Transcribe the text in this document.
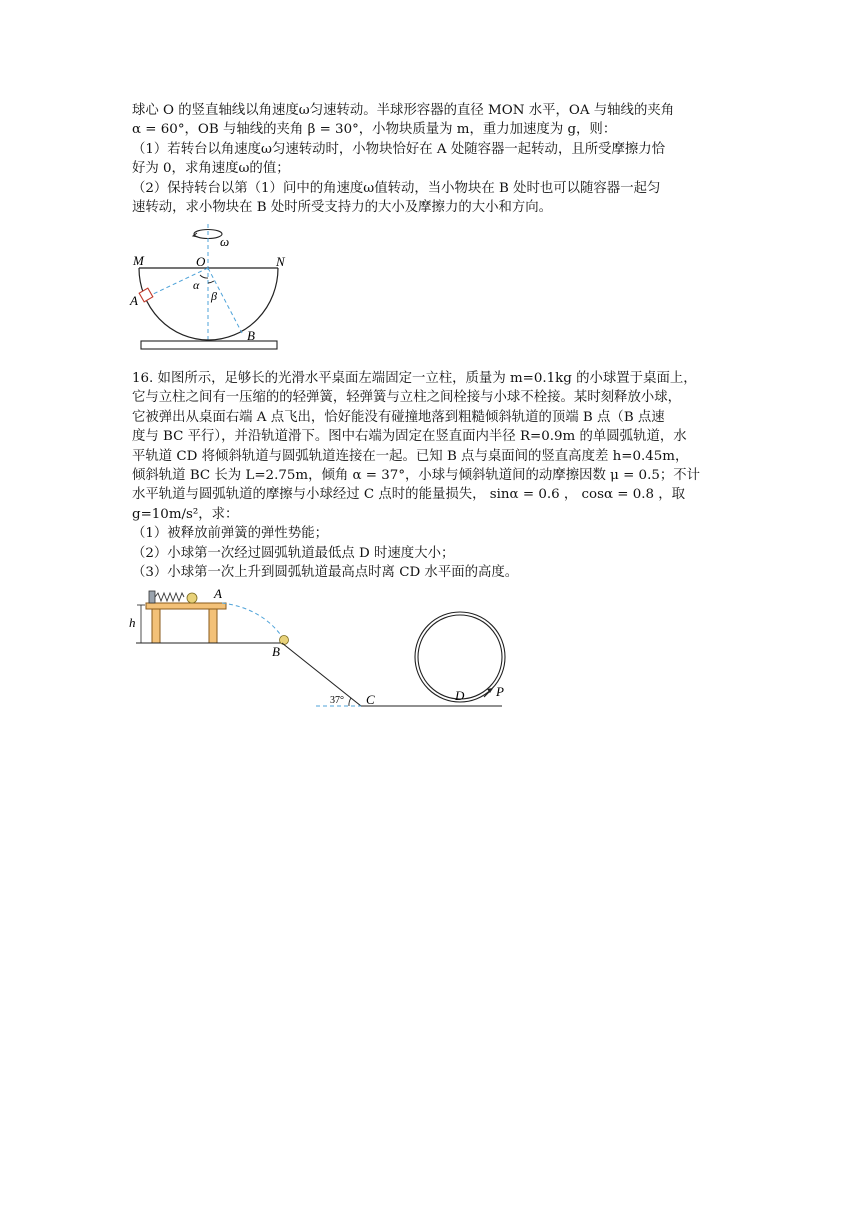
球心 O 的竖直轴线以角速度ω匀速转动。半球形容器的直径 MON 水平，OA 与轴线的夹角
α = 60°，OB 与轴线的夹角 β = 30°，小物块质量为 m，重力加速度为 g，则：
（1）若转台以角速度ω匀速转动时，小物块恰好在 A 处随容器一起转动，且所受摩擦力恰
好为 0，求角速度ω的值；
（2）保持转台以第（1）问中的角速度ω值转动，当小物块在 B 处时也可以随容器一起匀
速转动，求小物块在 B 处时所受支持力的大小及摩擦力的大小和方向。
ω
M	O	N
A
α
β
B
16. 如图所示，足够长的光滑水平桌面左端固定一立柱，质量为 m=0.1kg 的小球置于桌面上，
它与立柱之间有一压缩的的轻弹簧，轻弹簧与立柱之间栓接与小球不栓接。某时刻释放小球，
它被弹出从桌面右端 A 点飞出，恰好能没有碰撞地落到粗糙倾斜轨道的顶端 B 点（B 点速
度与 BC 平行），并沿轨道滑下。图中右端为固定在竖直面内半径 R=0.9m 的单圆弧轨道，水
平轨道 CD 将倾斜轨道与圆弧轨道连接在一起。已知 B 点与桌面间的竖直高度差 h=0.45m，
倾斜轨道 BC 长为 L=2.75m，倾角 α = 37°，小球与倾斜轨道间的动摩擦因数 μ = 0.5；不计
水平轨道与圆弧轨道的摩擦与小球经过 C 点时的能量损失， sinα = 0.6 ， cosα = 0.8 ，取
g=10m/s²，求：
（1）被释放前弹簧的弹性势能；
（2）小球第一次经过圆弧轨道最低点 D 时速度大小；
（3）小球第一次上升到圆弧轨道最高点时离 CD 水平面的高度。
A
h
B
37° C	D P
